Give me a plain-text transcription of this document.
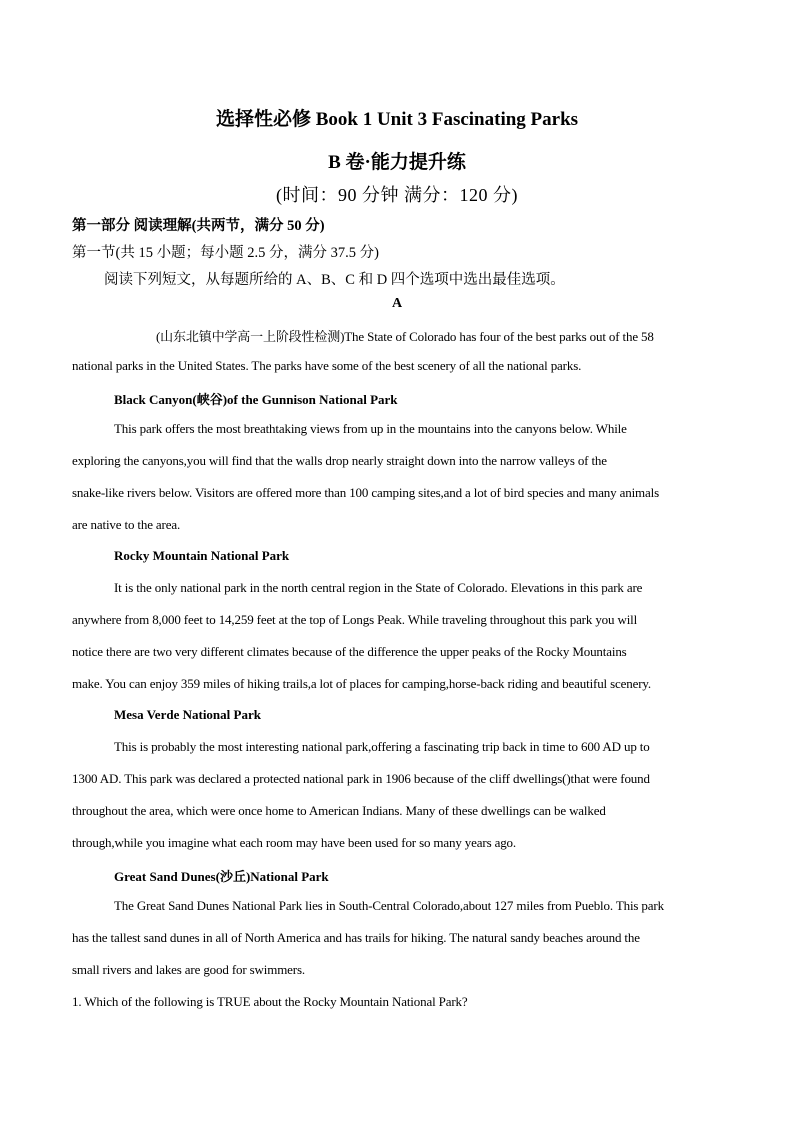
选择性必修 Book 1 Unit 3 Fascinating Parks
B 卷·能力提升练
(时间：90 分钟 满分：120 分)
第一部分 阅读理解(共两节，满分 50 分)
第一节(共 15 小题；每小题 2.5 分，满分 37.5 分)
阅读下列短文，从每题所给的 A、B、C 和 D 四个选项中选出最佳选项。
A
(山东北镇中学高一上阶段性检测)The State of Colorado has four of the best parks out of the 58
national parks in the United States. The parks have some of the best scenery of all the national parks.
Black Canyon(峡谷)of the Gunnison National Park
This park offers the most breathtaking views from up in the mountains into the canyons below. While
exploring the canyons,you will find that the walls drop nearly straight down into the narrow valleys of the
snake-like rivers below. Visitors are offered more than 100 camping sites,and a lot of bird species and many animals
are native to the area.
Rocky Mountain National Park
It is the only national park in the north central region in the State of Colorado. Elevations in this park are
anywhere from 8,000 feet to 14,259 feet at the top of Longs Peak. While traveling throughout this park you will
notice there are two very different climates because of the difference the upper peaks of the Rocky Mountains
make. You can enjoy 359 miles of hiking trails,a lot of places for camping,horse-back riding and beautiful scenery.
Mesa Verde National Park
This is probably the most interesting national park,offering a fascinating trip back in time to 600 AD up to
1300 AD. This park was declared a protected national park in 1906 because of the cliff dwellings()that were found
throughout the area, which were once home to American Indians. Many of these dwellings can be walked
through,while you imagine what each room may have been used for so many years ago.
Great Sand Dunes(沙丘)National Park
The Great Sand Dunes National Park lies in South-Central Colorado,about 127 miles from Pueblo. This park
has the tallest sand dunes in all of North America and has trails for hiking. The natural sandy beaches around the
small rivers and lakes are good for swimmers.
1. Which of the following is TRUE about the Rocky Mountain National Park?
